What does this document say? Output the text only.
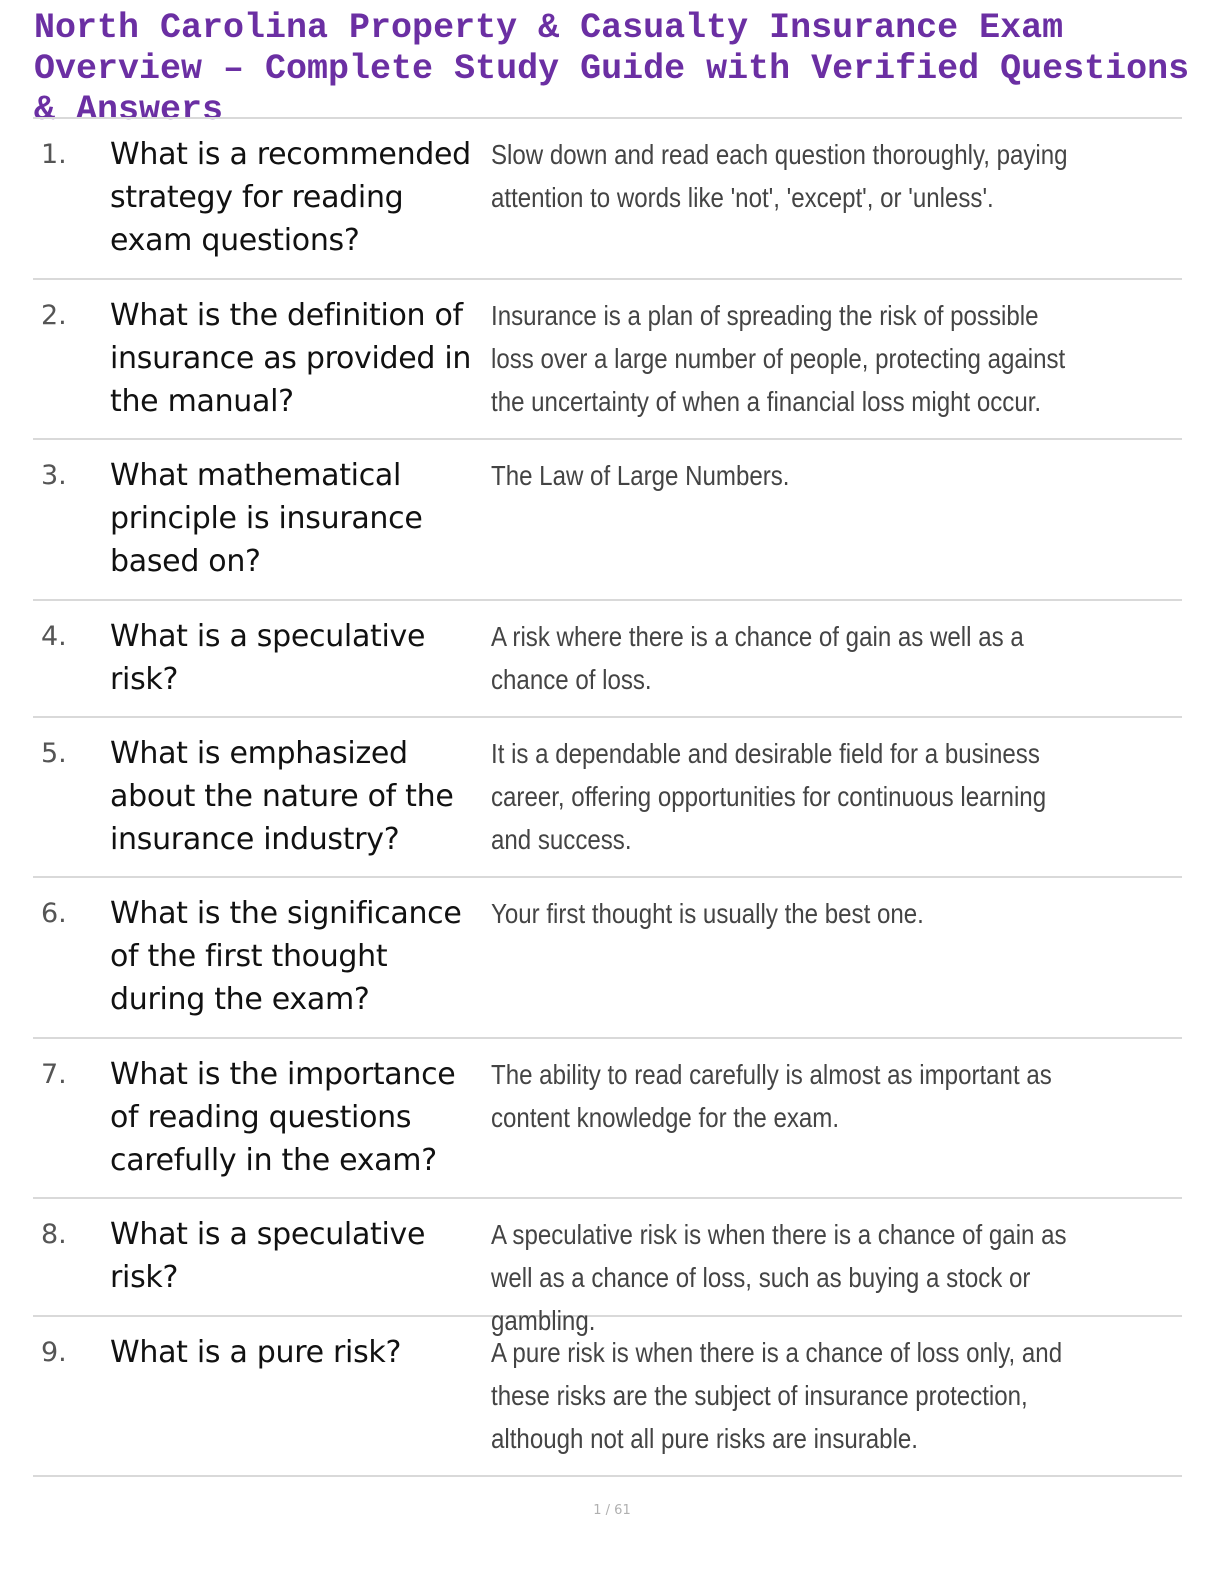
North Carolina Property & Casualty Insurance Exam Overview – Complete Study Guide with Verified Questions & Answers
1.	What is a recommended strategy for reading exam questions?
Slow down and read each question thoroughly, paying attention to words like 'not', 'except', or 'unless'.
2.	What is the definition of insurance as provided in the manual?
Insurance is a plan of spreading the risk of possible loss over a large number of people, protecting against the uncertainty of when a financial loss might occur.
3.	What mathematical principle is insurance based on?
The Law of Large Numbers.
4.	What is a speculative risk?
A risk where there is a chance of gain as well as a chance of loss.
5.	What is emphasized about the nature of the insurance industry?
It is a dependable and desirable field for a business career, offering opportunities for continuous learning and success.
6.	What is the significance of the first thought during the exam?
Your first thought is usually the best one.
7.	What is the importance of reading questions carefully in the exam?
The ability to read carefully is almost as important as content knowledge for the exam.
8.	What is a speculative risk?
A speculative risk is when there is a chance of gain as well as a chance of loss, such as buying a stock or gambling.
9.	What is a pure risk?	A pure risk is when there is a chance of loss only, and these risks are the subject of insurance protection, although not all pure risks are insurable.
1 / 61
